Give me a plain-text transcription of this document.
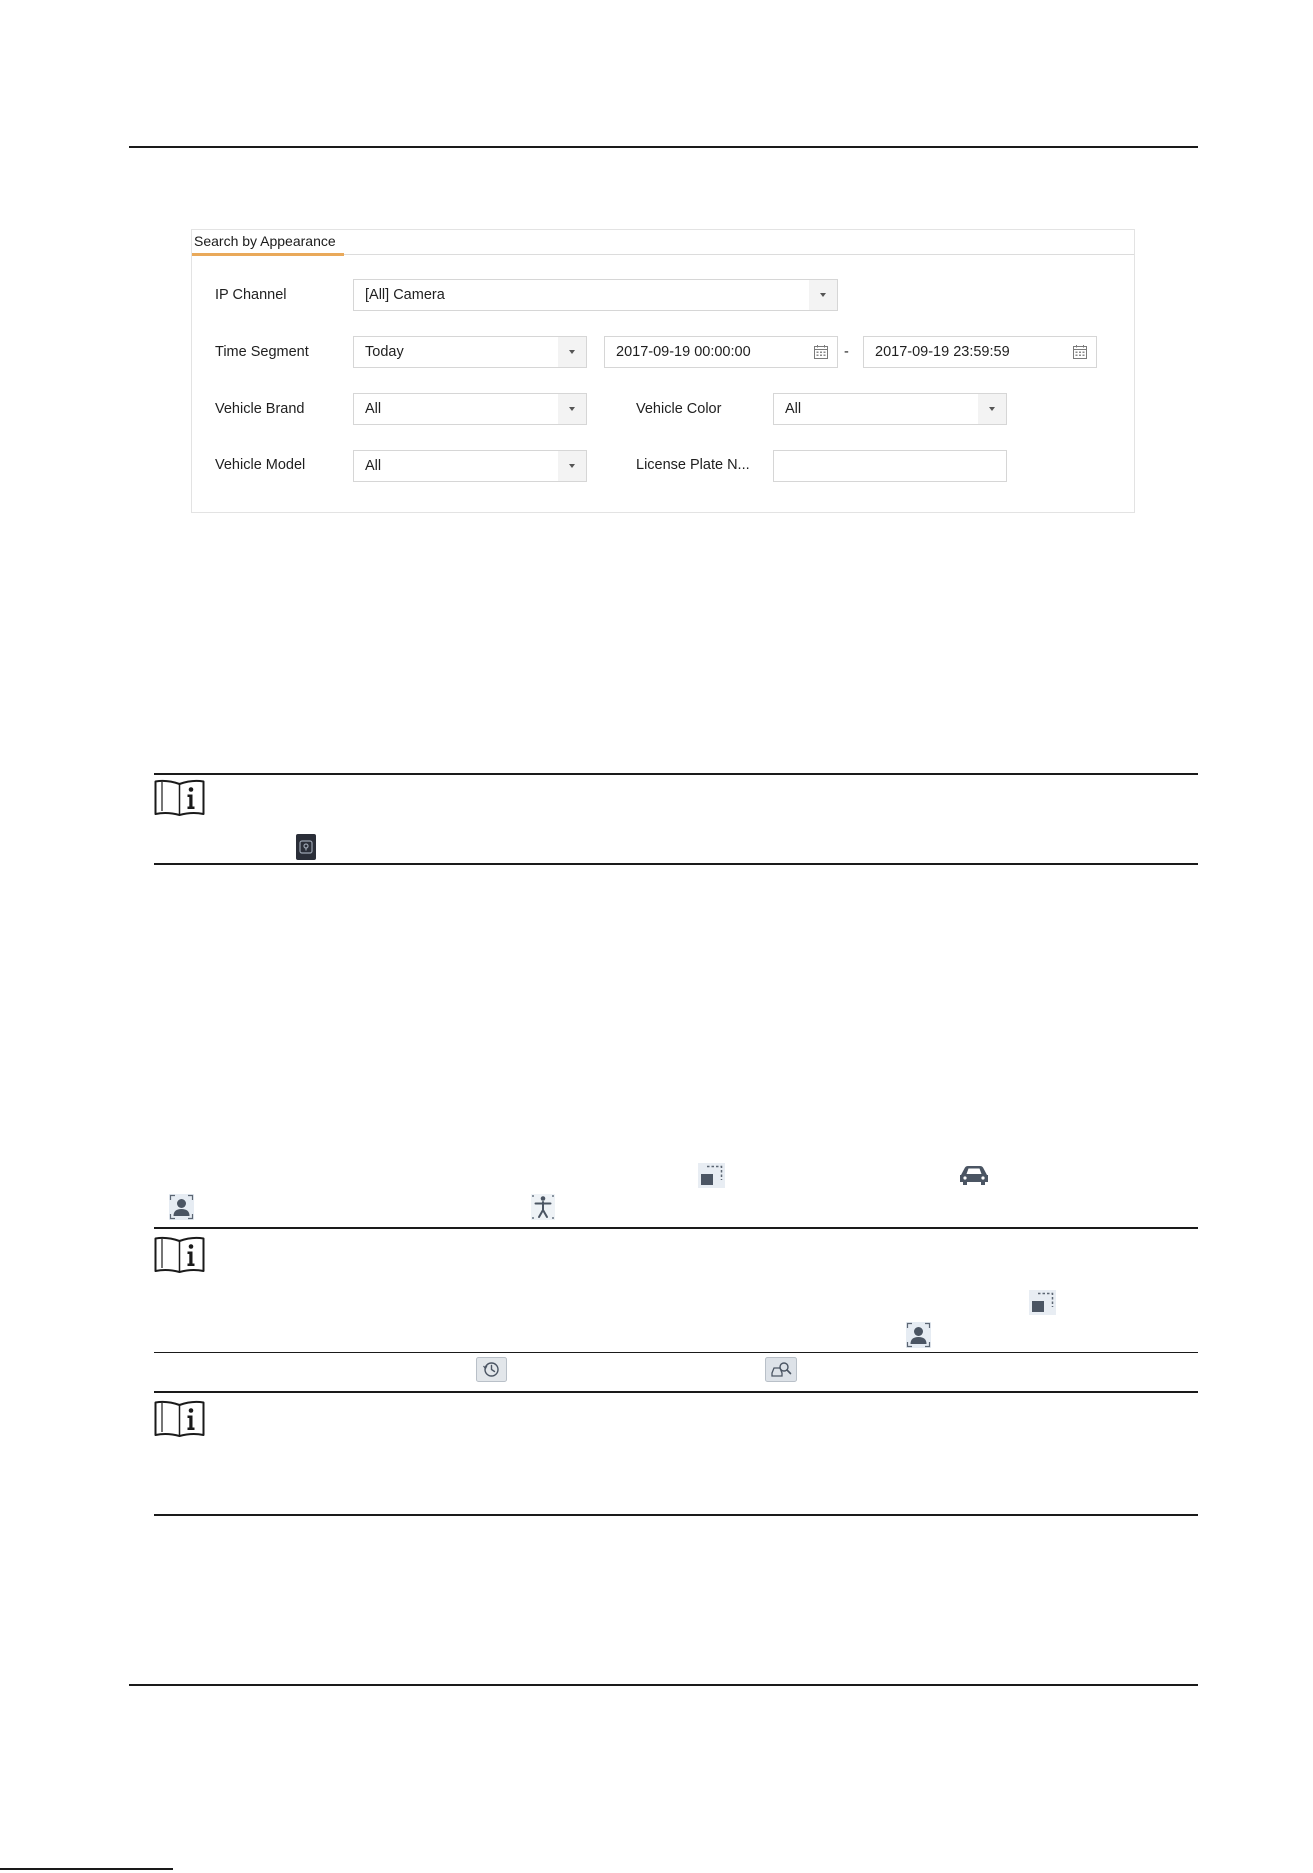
Search by Appearance
IP Channel	[All] Camera
Time Segment	Today	2017-09-19 00:00:00	- 2017-09-19 23:59:59
Vehicle Brand	All	Vehicle Color	All
Vehicle Model	All	License Plate N...
